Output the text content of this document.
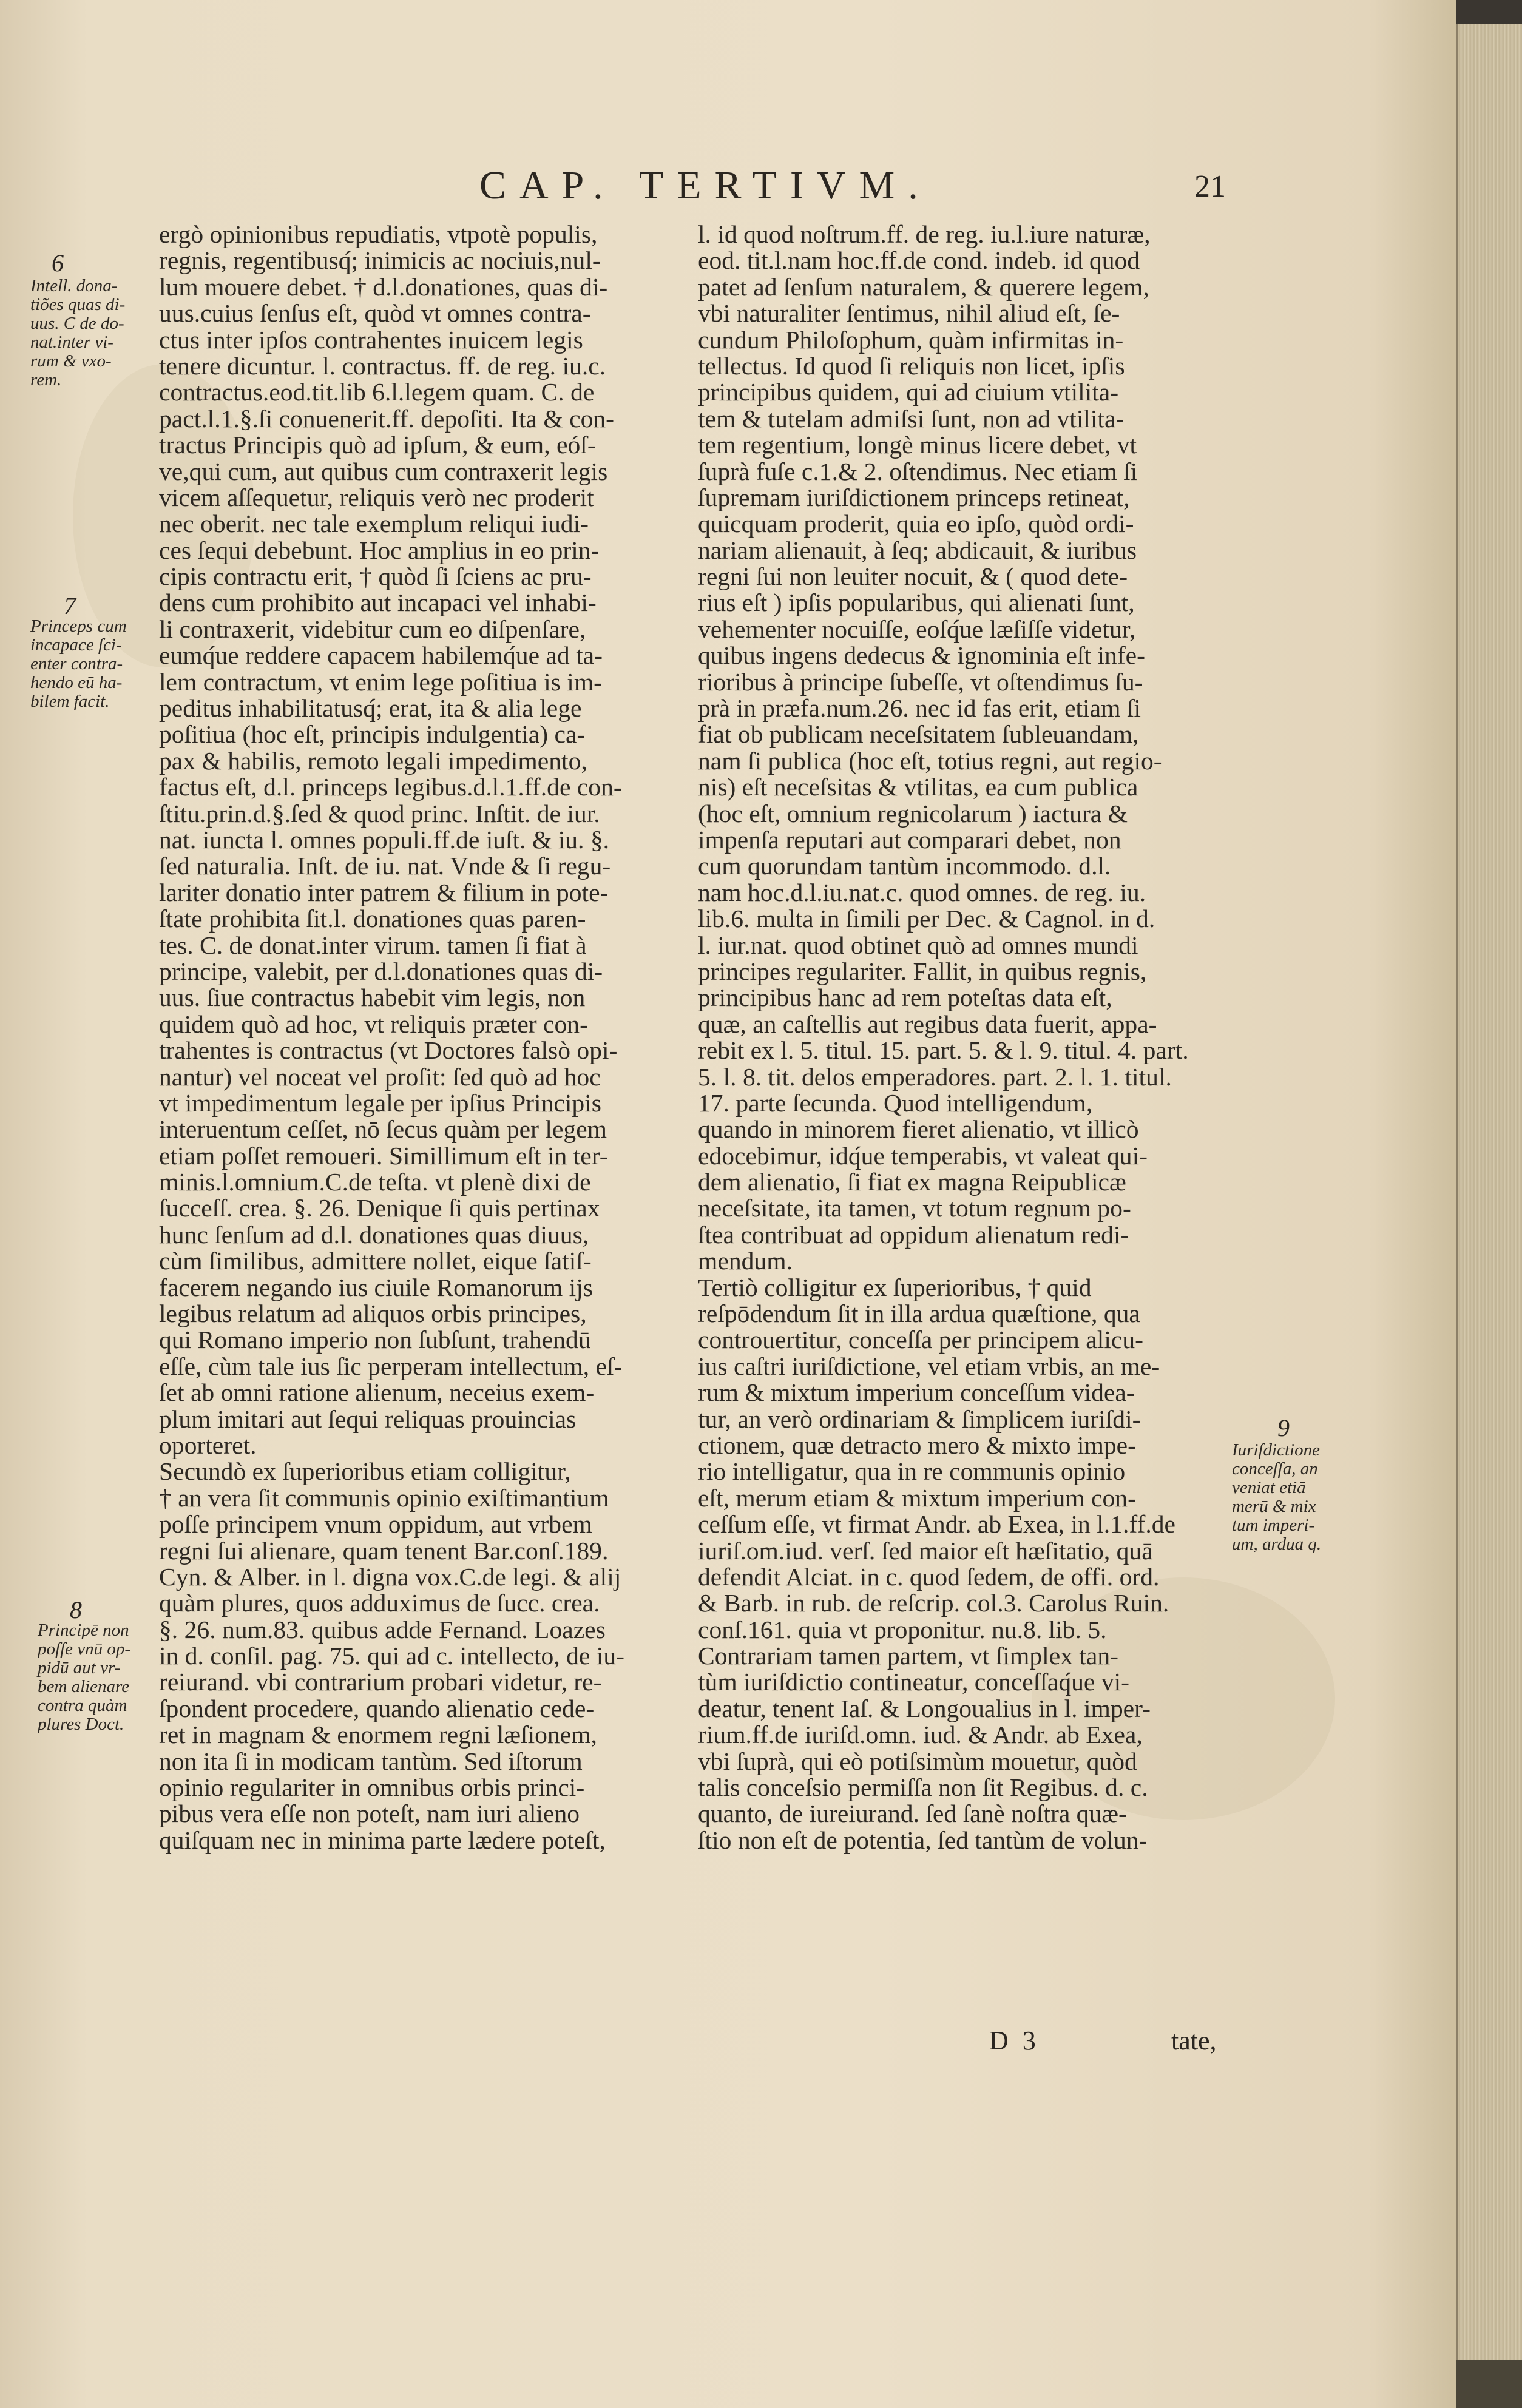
CAP. TERTIVM.	21
ergò opinionibus repudiatis, vtpotè populis,
regnis, regentibusq́; inimicis ac nociuis,nul-
lum mouere debet. † d.l.donationes, quas di-
uus.cuius ſenſus eſt, quòd vt omnes contra-
ctus inter ipſos contrahentes inuicem legis
tenere dicuntur. l. contractus. ff. de reg. iu.c.
contractus.eod.tit.lib 6.l.legem quam. C. de
pact.l.1.§.ſi conuenerit.ff. depoſiti. Ita & con-
tractus Principis quò ad ipſum, & eum, eóſ-
ve,qui cum, aut quibus cum contraxerit legis
vicem aſſequetur, reliquis verò nec proderit
nec oberit. nec tale exemplum reliqui iudi-
ces ſequi debebunt. Hoc amplius in eo prin-
cipis contractu erit, † quòd ſi ſciens ac pru-
dens cum prohibito aut incapaci vel inhabi-
li contraxerit, videbitur cum eo diſpenſare,
eumq́ue reddere capacem habilemq́ue ad ta-
lem contractum, vt enim lege poſitiua is im-
peditus inhabilitatusq́; erat, ita & alia lege
poſitiua (hoc eſt, principis indulgentia) ca-
pax & habilis, remoto legali impedimento,
factus eſt, d.l. princeps legibus.d.l.1.ff.de con-
ſtitu.prin.d.§.ſed & quod princ. Inſtit. de iur.
nat. iuncta l. omnes populi.ff.de iuſt. & iu. §.
ſed naturalia. Inſt. de iu. nat. Vnde & ſi regu-
lariter donatio inter patrem & filium in pote-
ſtate prohibita ſit.l. donationes quas paren-
tes. C. de donat.inter virum. tamen ſi fiat à
principe, valebit, per d.l.donationes quas di-
uus. ſiue contractus habebit vim legis, non
quidem quò ad hoc, vt reliquis præter con-
trahentes is contractus (vt Doctores falsò opi-
nantur) vel noceat vel proſit: ſed quò ad hoc
vt impedimentum legale per ipſius Principis
interuentum ceſſet, nō ſecus quàm per legem
etiam poſſet remoueri. Simillimum eſt in ter-
minis.l.omnium.C.de teſta. vt plenè dixi de
ſucceſſ. crea. §. 26. Denique ſi quis pertinax
hunc ſenſum ad d.l. donationes quas diuus,
cùm ſimilibus, admittere nollet, eique ſatiſ-
facerem negando ius ciuile Romanorum ijs
legibus relatum ad aliquos orbis principes,
qui Romano imperio non ſubſunt, trahendū
eſſe, cùm tale ius ſic perperam intellectum, eſ-
ſet ab omni ratione alienum, neceius exem-
plum imitari aut ſequi reliquas prouincias
oporteret.
Secundò ex ſuperioribus etiam colligitur,
† an vera ſit communis opinio exiſtimantium
poſſe principem vnum oppidum, aut vrbem
regni ſui alienare, quam tenent Bar.conſ.189.
Cyn. & Alber. in l. digna vox.C.de legi. & alij
quàm plures, quos adduximus de ſucc. crea.
§. 26. num.83. quibus adde Fernand. Loazes
in d. conſil. pag. 75. qui ad c. intellecto, de iu-
reiurand. vbi contrarium probari videtur, re-
ſpondent procedere, quando alienatio cede-
ret in magnam & enormem regni læſionem,
non ita ſi in modicam tantùm. Sed iſtorum
opinio regulariter in omnibus orbis princi-
pibus vera eſſe non poteſt, nam iuri alieno
quiſquam nec in minima parte lædere poteſt,
l. id quod noſtrum.ff. de reg. iu.l.iure naturæ,
eod. tit.l.nam hoc.ff.de cond. indeb. id quod
patet ad ſenſum naturalem, & querere legem,
vbi naturaliter ſentimus, nihil aliud eſt, ſe-
cundum Philoſophum, quàm infirmitas in-
tellectus. Id quod ſi reliquis non licet, ipſis
principibus quidem, qui ad ciuium vtilita-
tem & tutelam admiſsi ſunt, non ad vtilita-
tem regentium, longè minus licere debet, vt
ſuprà fuſe c.1.& 2. oſtendimus. Nec etiam ſi
ſupremam iuriſdictionem princeps retineat,
quicquam proderit, quia eo ipſo, quòd ordi-
nariam alienauit, à ſeq; abdicauit, & iuribus
regni ſui non leuiter nocuit, & ( quod dete-
rius eſt ) ipſis popularibus, qui alienati ſunt,
vehementer nocuiſſe, eoſq́ue læſiſſe videtur,
quibus ingens dedecus & ignominia eſt infe-
rioribus à principe ſubeſſe, vt oſtendimus ſu-
prà in præfa.num.26. nec id fas erit, etiam ſi
fiat ob publicam neceſsitatem ſubleuandam,
nam ſi publica (hoc eſt, totius regni, aut regio-
nis) eſt neceſsitas & vtilitas, ea cum publica
(hoc eſt, omnium regnicolarum ) iactura &
impenſa reputari aut comparari debet, non
cum quorundam tantùm incommodo. d.l.
nam hoc.d.l.iu.nat.c. quod omnes. de reg. iu.
lib.6. multa in ſimili per Dec. & Cagnol. in d.
l. iur.nat. quod obtinet quò ad omnes mundi
principes regulariter. Fallit, in quibus regnis,
principibus hanc ad rem poteſtas data eſt,
quæ, an caſtellis aut regibus data fuerit, appa-
rebit ex l. 5. titul. 15. part. 5. & l. 9. titul. 4. part.
5. l. 8. tit. delos emperadores. part. 2. l. 1. titul.
17. parte ſecunda. Quod intelligendum,
quando in minorem fieret alienatio, vt illicò
edocebimur, idq́ue temperabis, vt valeat qui-
dem alienatio, ſi fiat ex magna Reipublicæ
neceſsitate, ita tamen, vt totum regnum po-
ſtea contribuat ad oppidum alienatum redi-
mendum.
Tertiò colligitur ex ſuperioribus, † quid
reſpōdendum ſit in illa ardua quæſtione, qua
controuertitur, conceſſa per principem alicu-
ius caſtri iuriſdictione, vel etiam vrbis, an me-
rum & mixtum imperium conceſſum videa-
tur, an verò ordinariam & ſimplicem iuriſdi-
ctionem, quæ detracto mero & mixto impe-
rio intelligatur, qua in re communis opinio
eſt, merum etiam & mixtum imperium con-
ceſſum eſſe, vt firmat Andr. ab Exea, in l.1.ff.de
iuriſ.om.iud. verſ. ſed maior eſt hæſitatio, quā
defendit Alciat. in c. quod ſedem, de offi. ord.
& Barb. in rub. de reſcrip. col.3. Carolus Ruin.
conſ.161. quia vt proponitur. nu.8. lib. 5.
Contrariam tamen partem, vt ſimplex tan-
tùm iuriſdictio contineatur, conceſſaq́ue vi-
deatur, tenent Iaſ. & Longoualius in l. imper-
rium.ff.de iuriſd.omn. iud. & Andr. ab Exea,
vbi ſuprà, qui eò potiſsimùm mouetur, quòd
talis conceſsio permiſſa non ſit Regibus. d. c.
quanto, de iureiurand. ſed ſanè noſtra quæ-
ſtio non eſt de potentia, ſed tantùm de volun-
6
Intell. dona-
tiões quas di-
uus. C de do-
nat.inter vi-
rum & vxo-
rem.
7
Princeps cum
incapace ſci-
enter contra-
hendo eū ha-
bilem facit.
8
Principē non
poſſe vnū op-
pidū aut vr-
bem alienare
contra quàm
plures Doct.
9
Iuriſdictione
conceſſa, an
veniat etiā
merū & mix
tum imperi-
um, ardua q.
D 3	tate,
